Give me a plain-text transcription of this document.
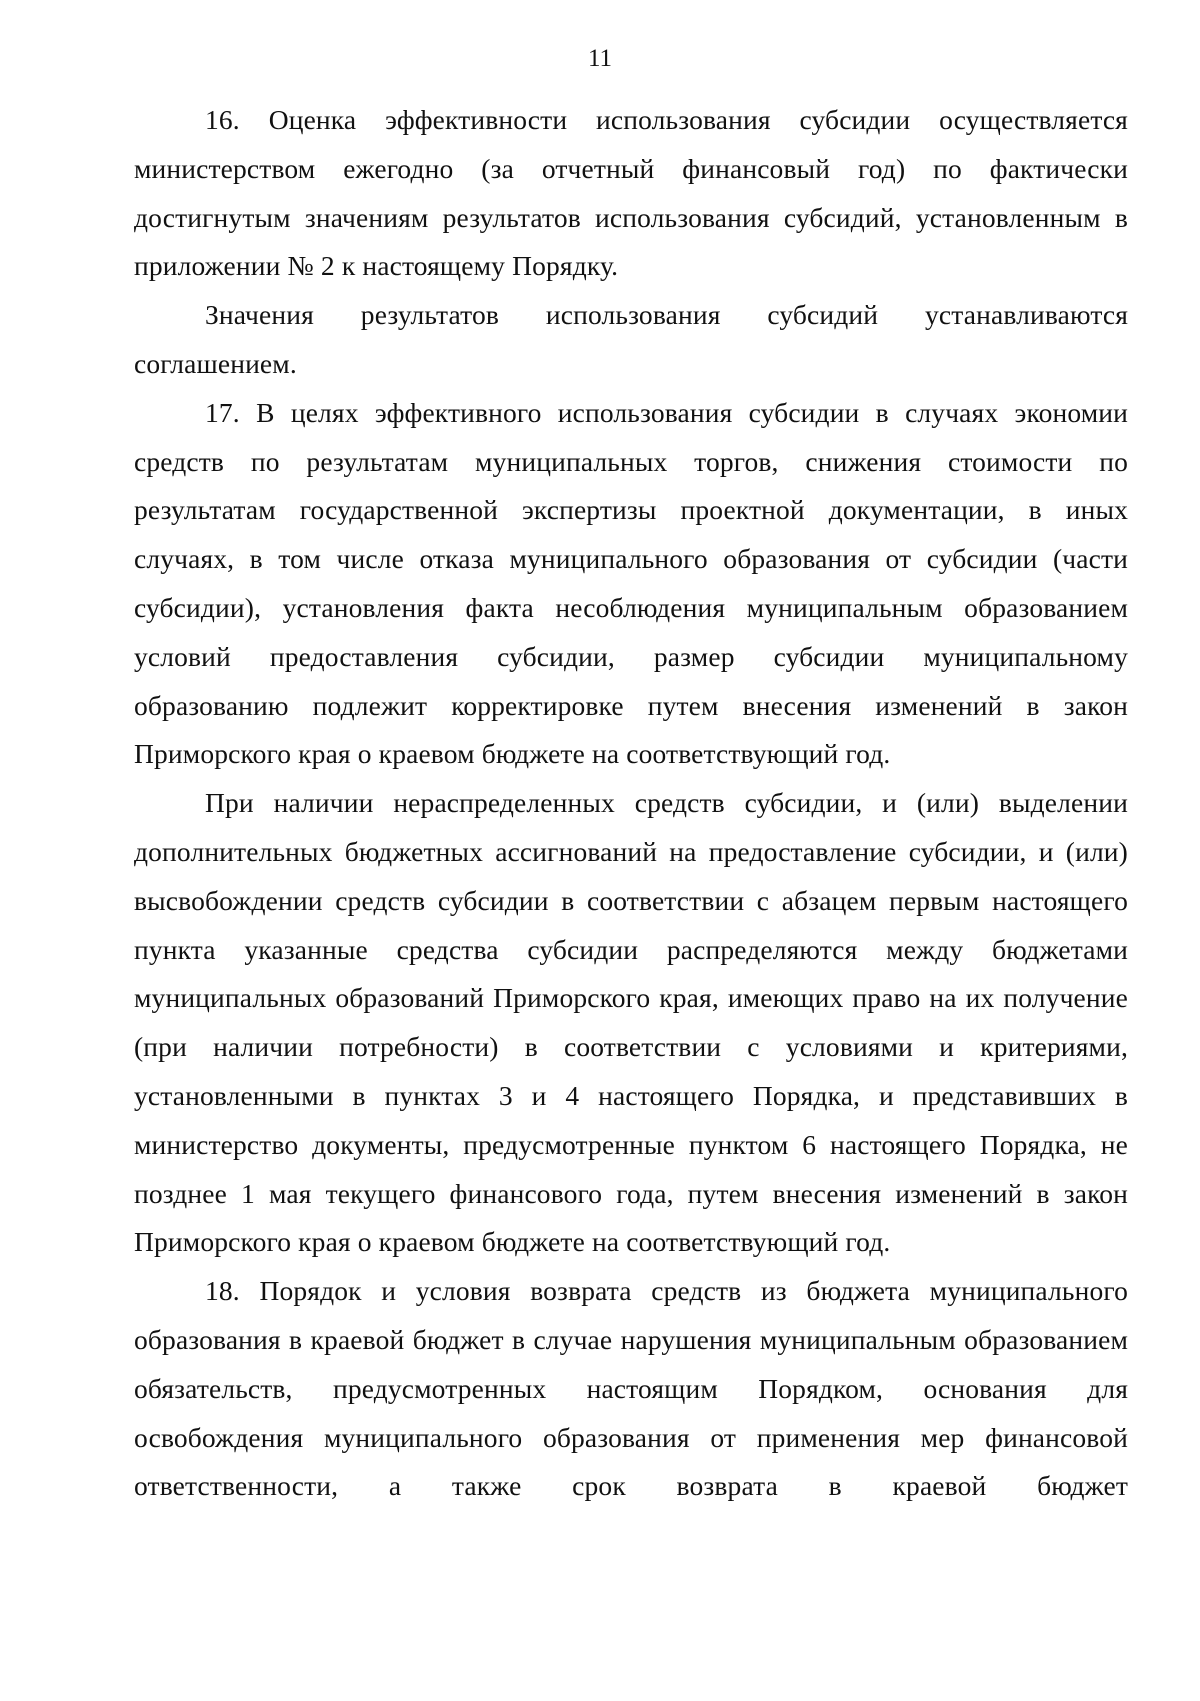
11

16. Оценка эффективности использования субсидии осуществляется министерством ежегодно (за отчетный финансовый год) по фактически достигнутым значениям результатов использования субсидий, установленным в приложении № 2 к настоящему Порядку.

Значения результатов использования субсидий устанавливаются соглашением.

17. В целях эффективного использования субсидии в случаях экономии средств по результатам муниципальных торгов, снижения стоимости по результатам государственной экспертизы проектной документации, в иных случаях, в том числе отказа муниципального образования от субсидии (части субсидии), установления факта несоблюдения муниципальным образованием условий предоставления субсидии, размер субсидии муниципальному образованию подлежит корректировке путем внесения изменений в закон Приморского края о краевом бюджете на соответствующий год.

При наличии нераспределенных средств субсидии, и (или) выделении дополнительных бюджетных ассигнований на предоставление субсидии, и (или) высвобождении средств субсидии в соответствии с абзацем первым настоящего пункта указанные средства субсидии распределяются между бюджетами муниципальных образований Приморского края, имеющих право на их получение (при наличии потребности) в соответствии с условиями и критериями, установленными в пунктах 3 и 4 настоящего Порядка, и представивших в министерство документы, предусмотренные пунктом 6 настоящего Порядка, не позднее 1 мая текущего финансового года, путем внесения изменений в закон Приморского края о краевом бюджете на соответствующий год.

18. Порядок и условия возврата средств из бюджета муниципального образования в краевой бюджет в случае нарушения муниципальным образованием обязательств, предусмотренных настоящим Порядком, основания для освобождения муниципального образования от применения мер финансовой ответственности, а также срок возврата в краевой бюджет
